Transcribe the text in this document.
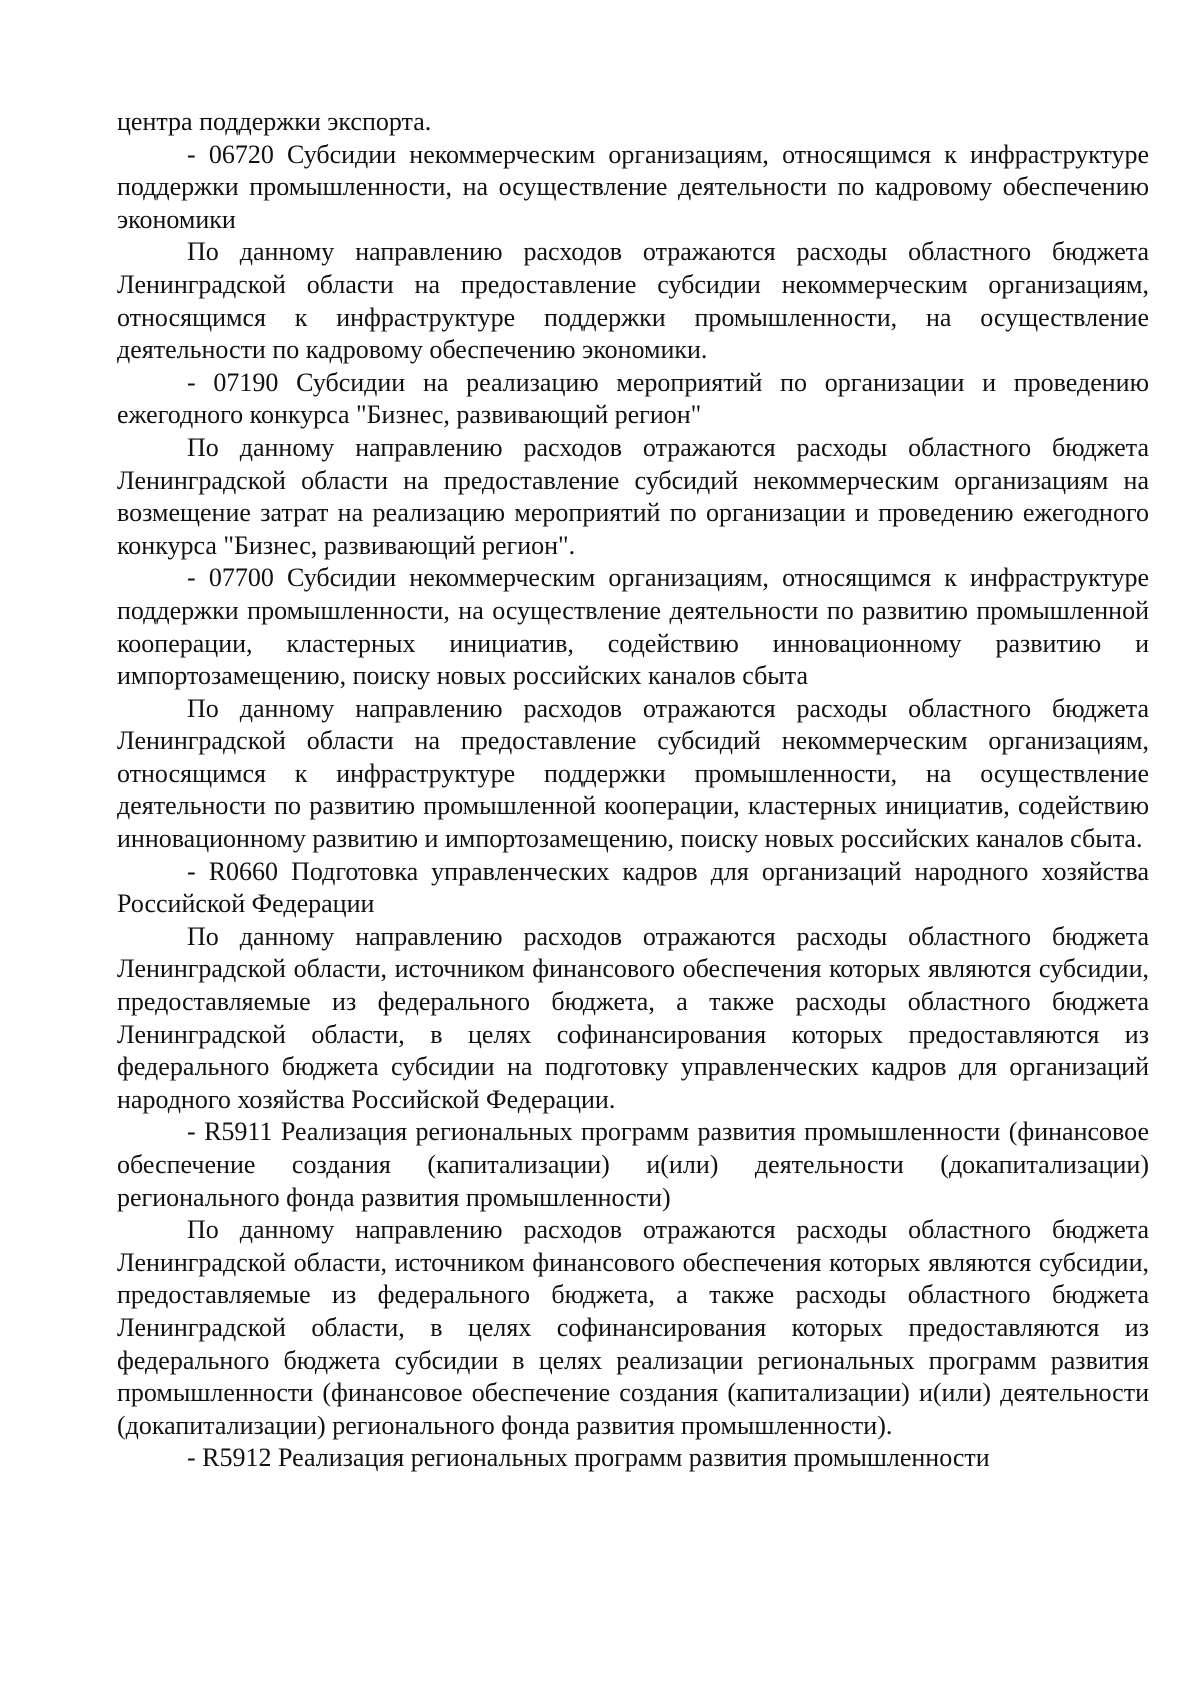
центра поддержки экспорта.

- 06720 Субсидии некоммерческим организациям, относящимся к инфраструктуре поддержки промышленности, на осуществление деятельности по кадровому обеспечению экономики

По данному направлению расходов отражаются расходы областного бюджета Ленинградской области на предоставление субсидии некоммерческим организациям, относящимся к инфраструктуре поддержки промышленности, на осуществление деятельности по кадровому обеспечению экономики.

- 07190 Субсидии на реализацию мероприятий по организации и проведению ежегодного конкурса "Бизнес, развивающий регион"

По данному направлению расходов отражаются расходы областного бюджета Ленинградской области на предоставление субсидий некоммерческим организациям на возмещение затрат на реализацию мероприятий по организации и проведению ежегодного конкурса "Бизнес, развивающий регион".

- 07700 Субсидии некоммерческим организациям, относящимся к инфраструктуре поддержки промышленности, на осуществление деятельности по развитию промышленной кооперации, кластерных инициатив, содействию инновационному развитию и импортозамещению, поиску новых российских каналов сбыта

По данному направлению расходов отражаются расходы областного бюджета Ленинградской области на предоставление субсидий некоммерческим организациям, относящимся к инфраструктуре поддержки промышленности, на осуществление деятельности по развитию промышленной кооперации, кластерных инициатив, содействию инновационному развитию и импортозамещению, поиску новых российских каналов сбыта.

- R0660 Подготовка управленческих кадров для организаций народного хозяйства Российской Федерации

По данному направлению расходов отражаются расходы областного бюджета Ленинградской области, источником финансового обеспечения которых являются субсидии, предоставляемые из федерального бюджета, а также расходы областного бюджета Ленинградской области, в целях софинансирования которых предоставляются из федерального бюджета субсидии на подготовку управленческих кадров для организаций народного хозяйства Российской Федерации.

- R5911 Реализация региональных программ развития промышленности (финансовое обеспечение создания (капитализации) и(или) деятельности (докапитализации) регионального фонда развития промышленности)

По данному направлению расходов отражаются расходы областного бюджета Ленинградской области, источником финансового обеспечения которых являются субсидии, предоставляемые из федерального бюджета, а также расходы областного бюджета Ленинградской области, в целях софинансирования которых предоставляются из федерального бюджета субсидии в целях реализации региональных программ развития промышленности (финансовое обеспечение создания (капитализации) и(или) деятельности (докапитализации) регионального фонда развития промышленности).

- R5912 Реализация региональных программ развития промышленности
